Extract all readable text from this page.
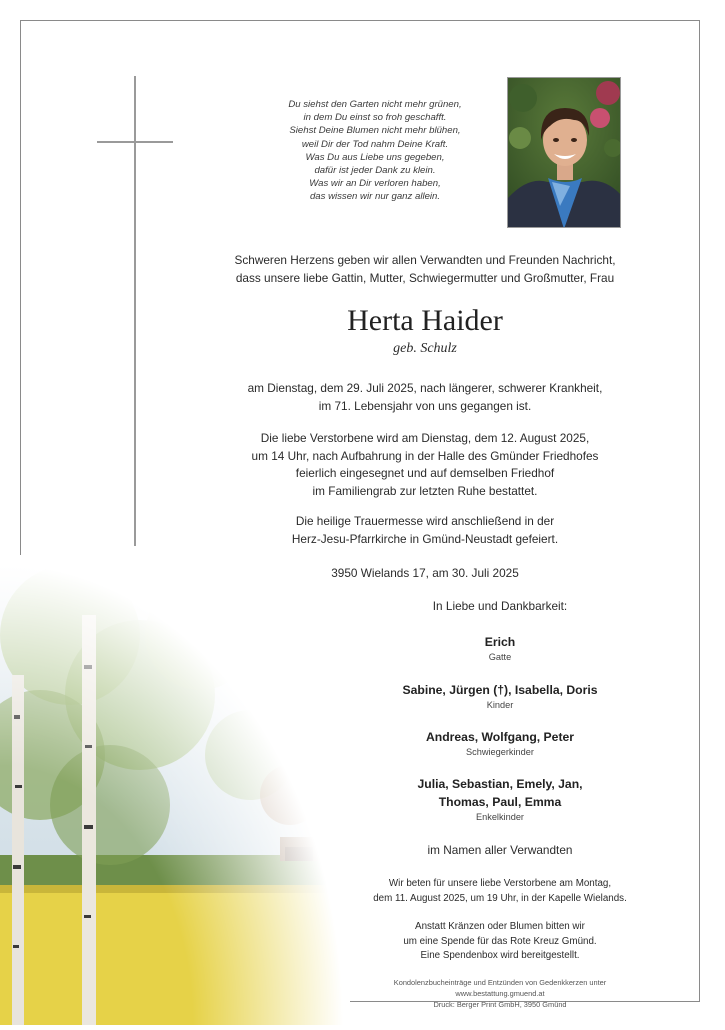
Du siehst den Garten nicht mehr grünen,
in dem Du einst so froh geschafft.
Siehst Deine Blumen nicht mehr blühen,
weil Dir der Tod nahm Deine Kraft.
Was Du aus Liebe uns gegeben,
dafür ist jeder Dank zu klein.
Was wir an Dir verloren haben,
das wissen wir nur ganz allein.
Schweren Herzens geben wir allen Verwandten und Freunden Nachricht,
dass unsere liebe Gattin, Mutter, Schwiegermutter und Großmutter, Frau
Herta Haider
geb. Schulz
am Dienstag, dem 29. Juli 2025, nach längerer, schwerer Krankheit,
im 71. Lebensjahr von uns gegangen ist.
Die liebe Verstorbene wird am Dienstag, dem 12. August 2025,
um 14 Uhr, nach Aufbahrung in der Halle des Gmünder Friedhofes
feierlich eingesegnet und auf demselben Friedhof
im Familiengrab zur letzten Ruhe bestattet.
Die heilige Trauermesse wird anschließend in der
Herz-Jesu-Pfarrkirche in Gmünd-Neustadt gefeiert.
3950 Wielands 17, am 30. Juli 2025
In Liebe und Dankbarkeit:
Erich
Gatte
Sabine, Jürgen (†), Isabella, Doris
Kinder
Andreas, Wolfgang, Peter
Schwiegerkinder
Julia, Sebastian, Emely, Jan,
Thomas, Paul, Emma
Enkelkinder
im Namen aller Verwandten
Wir beten für unsere liebe Verstorbene am Montag,
dem 11. August 2025, um 19 Uhr, in der Kapelle Wielands.
Anstatt Kränzen oder Blumen bitten wir
um eine Spende für das Rote Kreuz Gmünd.
Eine Spendenbox wird bereitgestellt.
Kondolenzbucheinträge und Entzünden von Gedenkkerzen unter www.bestattung.gmuend.at
Druck: Berger Print GmbH, 3950 Gmünd
